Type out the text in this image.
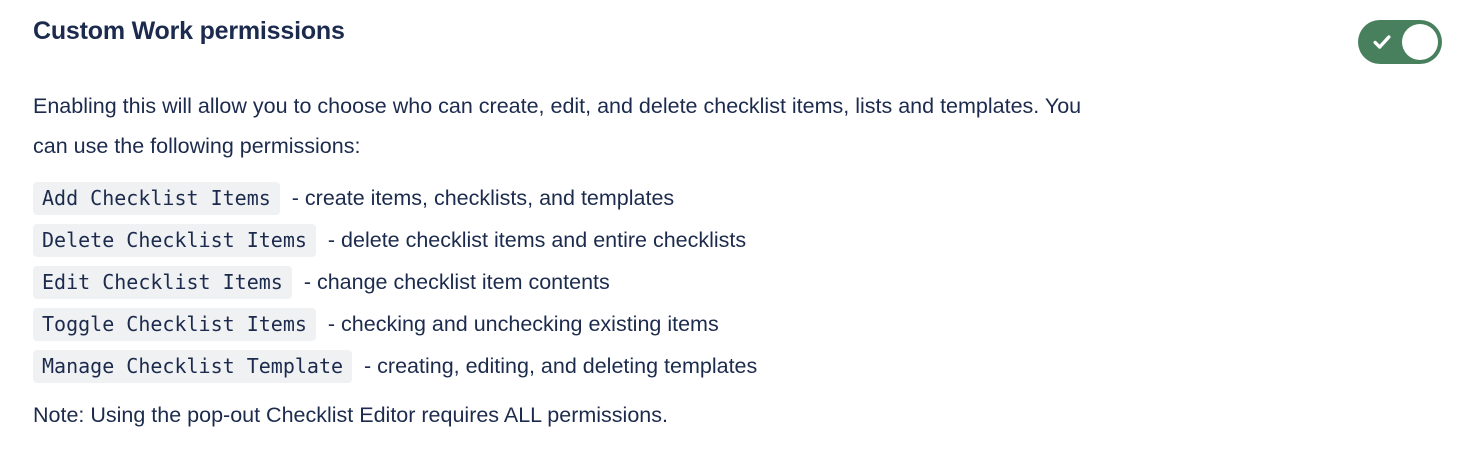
Custom Work permissions

Enabling this will allow you to choose who can create, edit, and delete checklist items, lists and templates. You can use the following permissions:

Add Checklist Items - create items, checklists, and templates
Delete Checklist Items - delete checklist items and entire checklists
Edit Checklist Items - change checklist item contents
Toggle Checklist Items - checking and unchecking existing items
Manage Checklist Template - creating, editing, and deleting templates

Note: Using the pop-out Checklist Editor requires ALL permissions.
